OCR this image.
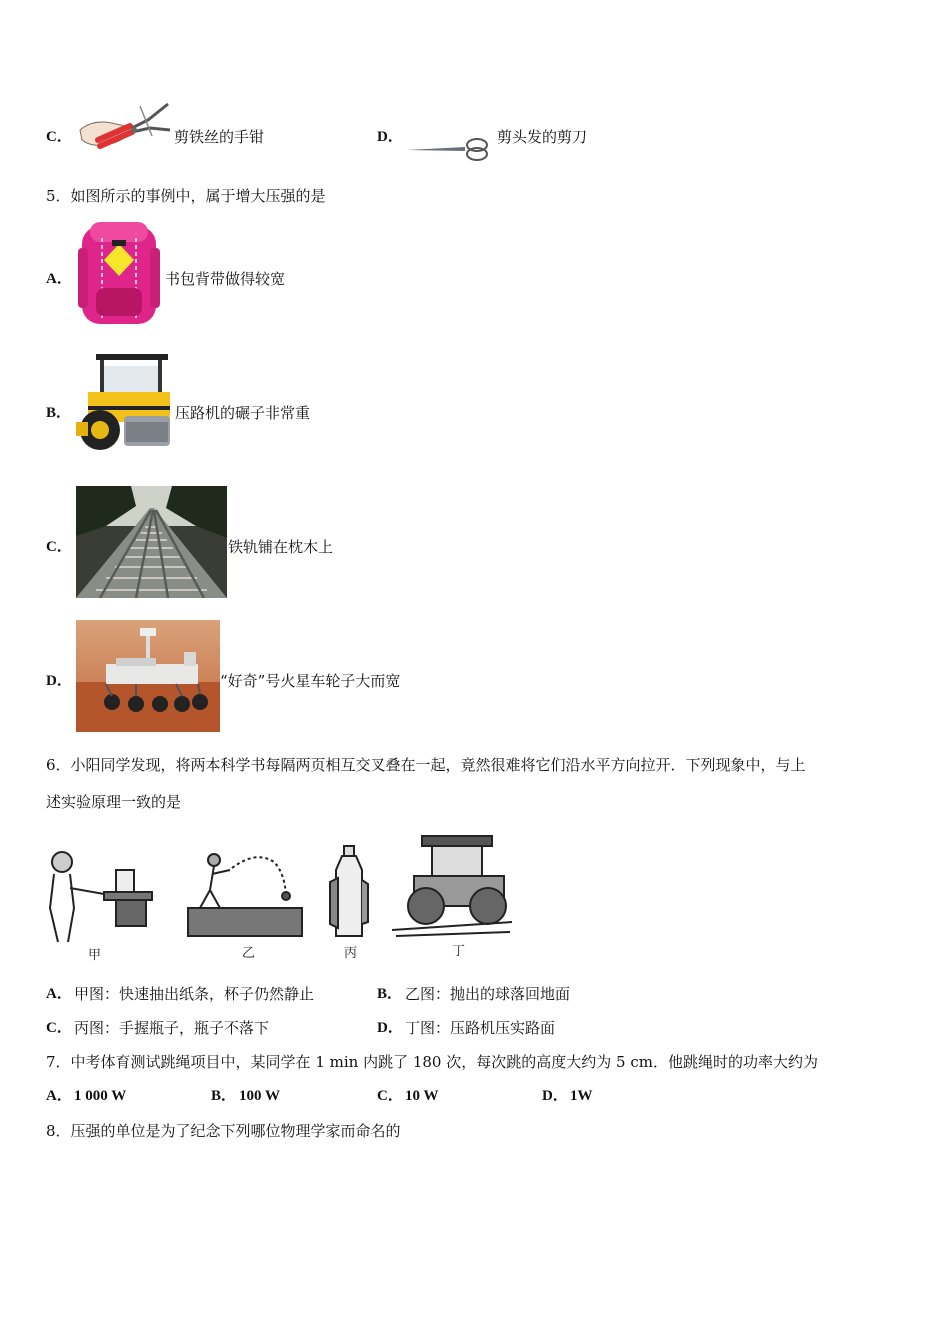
C．	剪铁丝的手钳	D．	剪头发的剪刀
5．如图所示的事例中，属于增大压强的是
A．	书包背带做得较宽
B．	压路机的碾子非常重
C．	铁轨铺在枕木上
D．	“好奇”号火星车轮子大而宽
6．小阳同学发现，将两本科学书每隔两页相互交叉叠在一起，竟然很难将它们沿水平方向拉开．下列现象中，与上
述实验原理一致的是
甲	乙	丙	丁
A． 甲图：快速抽出纸条，杯子仍然静止	B． 乙图：抛出的球落回地面
C． 丙图：手握瓶子，瓶子不落下	D． 丁图：压路机压实路面
7．中考体育测试跳绳项目中，某同学在 1 min 内跳了 180 次，每次跳的高度大约为 5 cm．他跳绳时的功率大约为
A． 1 000 W	B． 100 W	C． 10 W	D． 1W
8．压强的单位是为了纪念下列哪位物理学家而命名的
